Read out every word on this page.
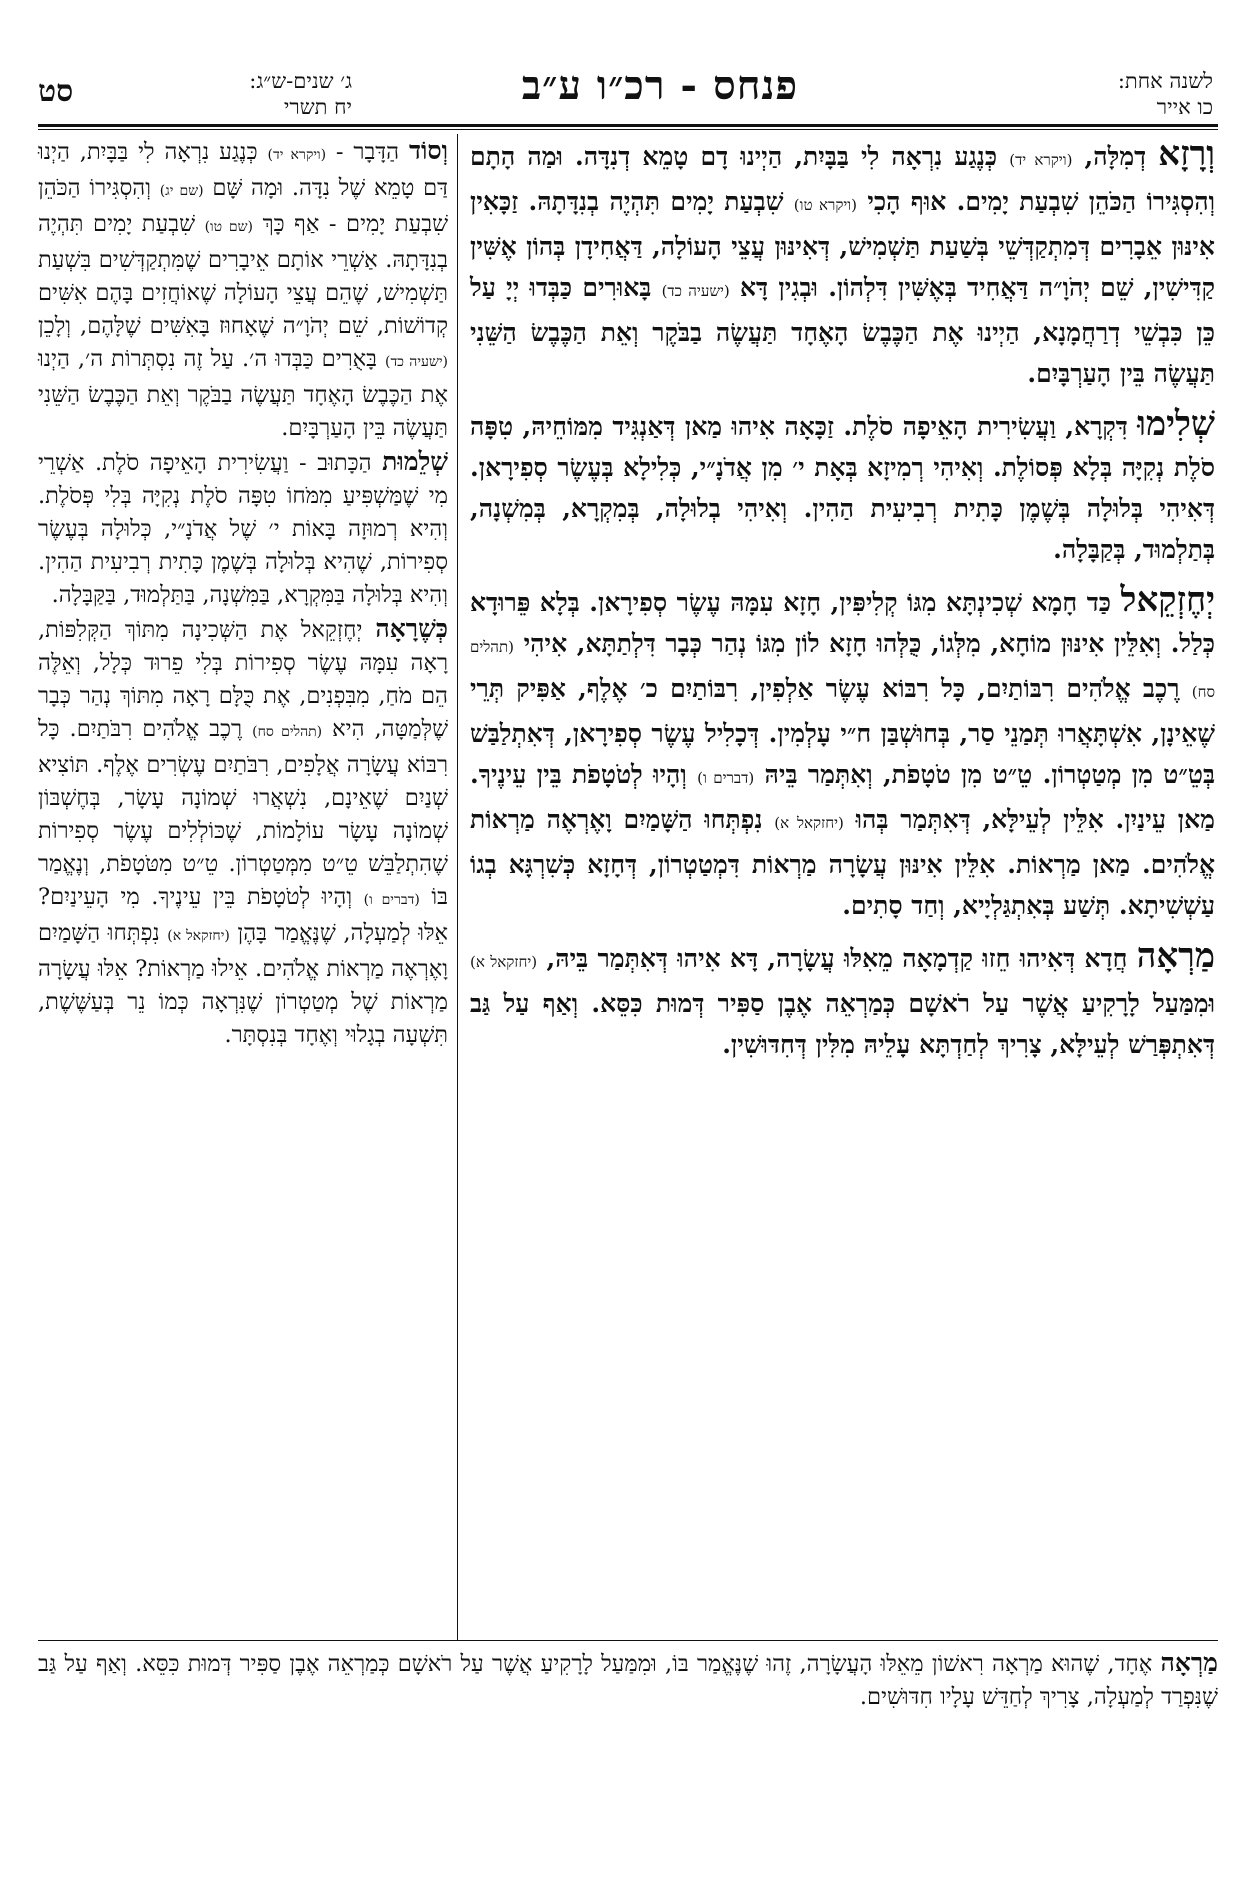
סט	ג׳ שנים-ש״ג:
יח תשרי	פנחס - רכ״ו ע״ב	לשנה אחת:
כו אייר

וְרָזָא דְמִלָּה, (ויקרא יד) כְּנֶגַע נִרְאָה לִי בַּבָּיִת, הַיְינוּ דָם טָמֵא דְנִדָּה. וּמַה הָתָם וְהִסְגִּירוֹ הַכֹּהֵן שִׁבְעַת יָמִים. אוּף הָכִי (ויקרא טו) שִׁבְעַת יָמִים תִּהְיֶה בְנִדָּתָהּ. זַכָּאִין אִינּוּן אֵבָרִים דְּמִתְקַדְּשֵׁי בְּשַׁעַת תַּשְׁמִישׁ, דְּאִינּוּן עֲצֵי הָעוֹלָה, דַּאֲחִידָן בְּהוֹן אֶשִּׁין קַדִּישִׁין, שֵׁם יְהֹוָ״ה דַּאֲחִיד בְּאֶשִּׁין דִּלְהוֹן. וּבְגִין דָּא (ישעיה כד) בָּאוּרִים כַּבְּדוּ יְיָ עַל כֵּן כִּבְשֵׁי דְרַחֲמָנָא, הַיְינוּ אֶת הַכֶּבֶשׂ הָאֶחָד תַּעֲשֶׂה בַבֹּקֶר וְאֵת הַכֶּבֶשׂ הַשֵּׁנִי תַּעֲשֶׂה בֵּין הָעַרְבָּיִם.

שְׁלִימוּ דִּקְרָא, וַעֲשִׂירִית הָאֵיפָה סֹלֶת. זַכָּאָה אִיהוּ מַאן דְּאַנְגִּיד מִמּוֹחֵיהּ, טִפָּה סֹלֶת נְקִיָּה בְּלָא פְּסוֹלֶת. וְאִיהִי רְמִיזָא בְּאָת י׳ מִן אֲדֹנָ״י, כְּלִילָא בְּעֶשֶׂר סְפִירָאן. דְּאִיהִי בְּלוּלָה בְּשֶׁמֶן כָּתִית רְבִיעִית הַהִין. וְאִיהִי בְלוּלָה, בְּמִקְרָא, בְּמִשְׁנָה, בְּתַלְמוּד, בְּקַבָּלָה.

יְחֶזְקֵאל כַּד חָמָא שְׁכִינְתָּא מִגּוֹ קְלִיפִּין, חָזָא עִמָּהּ עֶשֶׂר סְפִירָאן. בְּלָא פֵּרוּדָא כְּלַל. וְאִלֵּין אִינּוּן מוֹחָא, מִלְּגוֹ, כֻּלְּהוּ חָזָא לוֹן מִגּוֹ נְהַר כְּבָר דִּלְתַתָּא, אִיהִי (תהלים סח) רֶכֶב אֱלֹהִים רִבּוֹתַיִם, כָּל רִבּוֹא עֶשֶׂר אַלְפִין, רִבּוֹתַיִם כ׳ אֶלֶף, אַפִּיק תְּרֵי שֶׁאֵינָן, אִשְׁתָּאֲרוּ תְּמַנֵי סַר, בְּחוּשְׁבַּן ח״י עָלְמִין. דְּכָלִיל עֶשֶׂר סְפִירָאן, דְּאִתְלַבַּשׁ בְּטֵ״ט מִן מְטַטְרוֹן. טֵ״ט מִן טֹטָפֹת, וְאִתְּמַר בֵּיהּ (דברים ו) וְהָיוּ לְטֹטָפֹת בֵּין עֵינֶיךָ. מַאן עֵינַיִן. אִלֵּין לְעֵילָּא, דְּאִתְּמַר בְּהוּ (יחזקאל א) נִפְתְּחוּ הַשָּׁמַיִם וָאֶרְאֶה מַרְאוֹת אֱלֹהִים. מַאן מַרְאוֹת. אִלֵּין אִינּוּן עֲשָׂרָה מַרְאוֹת דִּמְטַטְרוֹן, דְּחָזָא כְּשִׁרְגָּא בְגוֹ עַשְׁשִׁיתָא. תְּשַׁע בְּאִתְגַּלְיָיא, וְחַד סָתִים.

מַרְאָה חֲדָא דְּאִיהוּ חֵזוּ קַדְמָאָה מֵאִלּוּ עֲשָׂרָה, דָּא אִיהוּ דְּאִתְּמַר בֵּיהּ, (יחזקאל א) וּמִמַּעַל לָרָקִיעַ אֲשֶׁר עַל רֹאשָׁם כְּמַרְאֵה אֶבֶן סַפִּיר דְּמוּת כִּסֵּא. וְאַף עַל גַּב דְּאִתְפְּרַשׁ לְעֵילָּא, צָרִיךְ לְחַדְתָּא עָלֵיהּ מִלִּין דְּחִדּוּשִׁין.

וְסוֹד הַדָּבָר - (ויקרא יד) כְּנֶגַע נִרְאָה לִי בַּבָּיִת, הַיְנוּ דַּם טָמֵא שֶׁל נִדָּה. וּמָה שָּׁם (שם יג) וְהִסְגִּירוֹ הַכֹּהֵן שִׁבְעַת יָמִים - אַף כָּךְ (שם טו) שִׁבְעַת יָמִים תִּהְיֶה בְנִדָּתָהּ. אַשְׁרֵי אוֹתָם אֵיבָרִים שֶׁמִּתְקַדְּשִׁים בִּשְׁעַת תַּשְׁמִישׁ, שֶׁהֵם עֲצֵי הָעוֹלָה שֶׁאוֹחֲזִים בָּהֶם אִשִּׁים קְדוֹשׁוֹת, שֵׁם יְהֹוָ״ה שֶׁאָחוּז בָּאִשִּׁים שֶׁלָּהֶם, וְלָכֵן (ישעיה כד) בָּאֻרִים כַּבְּדוּ ה׳. עַל זֶה נִסְתְּרוֹת ה׳, הַיְנוּ אֶת הַכֶּבֶשׂ הָאֶחָד תַּעֲשֶׂה בַבֹּקֶר וְאֵת הַכֶּבֶשׂ הַשֵּׁנִי תַּעֲשֶׂה בֵּין הָעַרְבָּיִם.

שְׁלֵמוּת הַכָּתוּב - וַעֲשִׂירִית הָאֵיפָה סֹלֶת. אַשְׁרֵי מִי שֶׁמַּשְׁפִּיעַ מִמֹּחוֹ טִפָּה סֹלֶת נְקִיָּה בְּלִי פְּסֹלֶת. וְהִיא רְמוּזָה בָּאוֹת י׳ שֶׁל אֲדֹנָ״י, כְּלוּלָה בְּעֶשֶׂר סְפִירוֹת, שֶׁהִיא בְּלוּלָה בְּשֶׁמֶן כָּתִית רְבִיעִית הַהִין. וְהִיא בְּלוּלָה בַּמִּקְרָא, בַּמִּשְׁנָה, בַּתַּלְמוּד, בַּקַּבָּלָה.

כְּשֶׁרָאָה יְחֶזְקֵאל אֶת הַשְּׁכִינָה מִתּוֹךְ הַקְּלִפּוֹת, רָאָה עִמָּהּ עֶשֶׂר סְפִירוֹת בְּלִי פֵרוּד כְּלָל, וְאֵלֶּה הֵם מֹחַ, מִבִּפְנִים, אֶת כֻּלָּם רָאָה מִתּוֹךְ נְהַר כְּבָר שֶׁלְּמַטָּה, הִיא (תהלים סח) רֶכֶב אֱלֹהִים רִבֹּתַיִם. כָּל רִבּוֹא עֲשָׂרָה אֲלָפִים, רִבֹּתַיִם עֶשְׂרִים אֶלֶף. תּוֹצִיא שְׁנַיִם שֶׁאֵינָם, נִשְׁאֲרוּ שְׁמוֹנָה עָשָׂר, בְּחֶשְׁבּוֹן שְׁמוֹנָה עָשָׂר עוֹלָמוֹת, שֶׁכּוֹלְלִים עֶשֶׂר סְפִירוֹת שֶׁהִתְלַבֵּשׁ טֵ״ט מִמְּטַטְרוֹן. טֵ״ט מִטֹּטָפֹת, וְנֶאֱמַר בּוֹ (דברים ו) וְהָיוּ לְטֹטָפֹת בֵּין עֵינֶיךָ. מִי הָעֵינַיִם? אֵלּוּ לְמַעְלָה, שֶׁנֶּאֱמַר בָּהֶן (יחזקאל א) נִפְתְּחוּ הַשָּׁמַיִם וָאֶרְאֶה מַרְאוֹת אֱלֹהִים. אֵילוּ מַרְאוֹת? אֵלּוּ עֲשָׂרָה מַרְאוֹת שֶׁל מְטַטְרוֹן שֶׁנִּרְאָה כְּמוֹ נֵר בְּעַשֶּׁשֶׁת, תִּשְׁעָה בְגָלוּי וְאֶחָד בְּנִסְתָּר.

מַרְאָה אֶחָד, שֶׁהוּא מַרְאָה רִאשׁוֹן מֵאֵלּוּ הָעֲשָׂרָה, זֶהוּ שֶׁנֶּאֱמַר בּוֹ, וּמִמַּעַל לָרָקִיעַ אֲשֶׁר עַל רֹאשָׁם כְּמַרְאֵה אֶבֶן סַפִּיר דְּמוּת כִּסֵּא. וְאַף עַל גַּב שֶׁנִּפְרַד לְמַעְלָה, צָרִיךְ לְחַדֵּשׁ עָלָיו חִדּוּשִׁים.
